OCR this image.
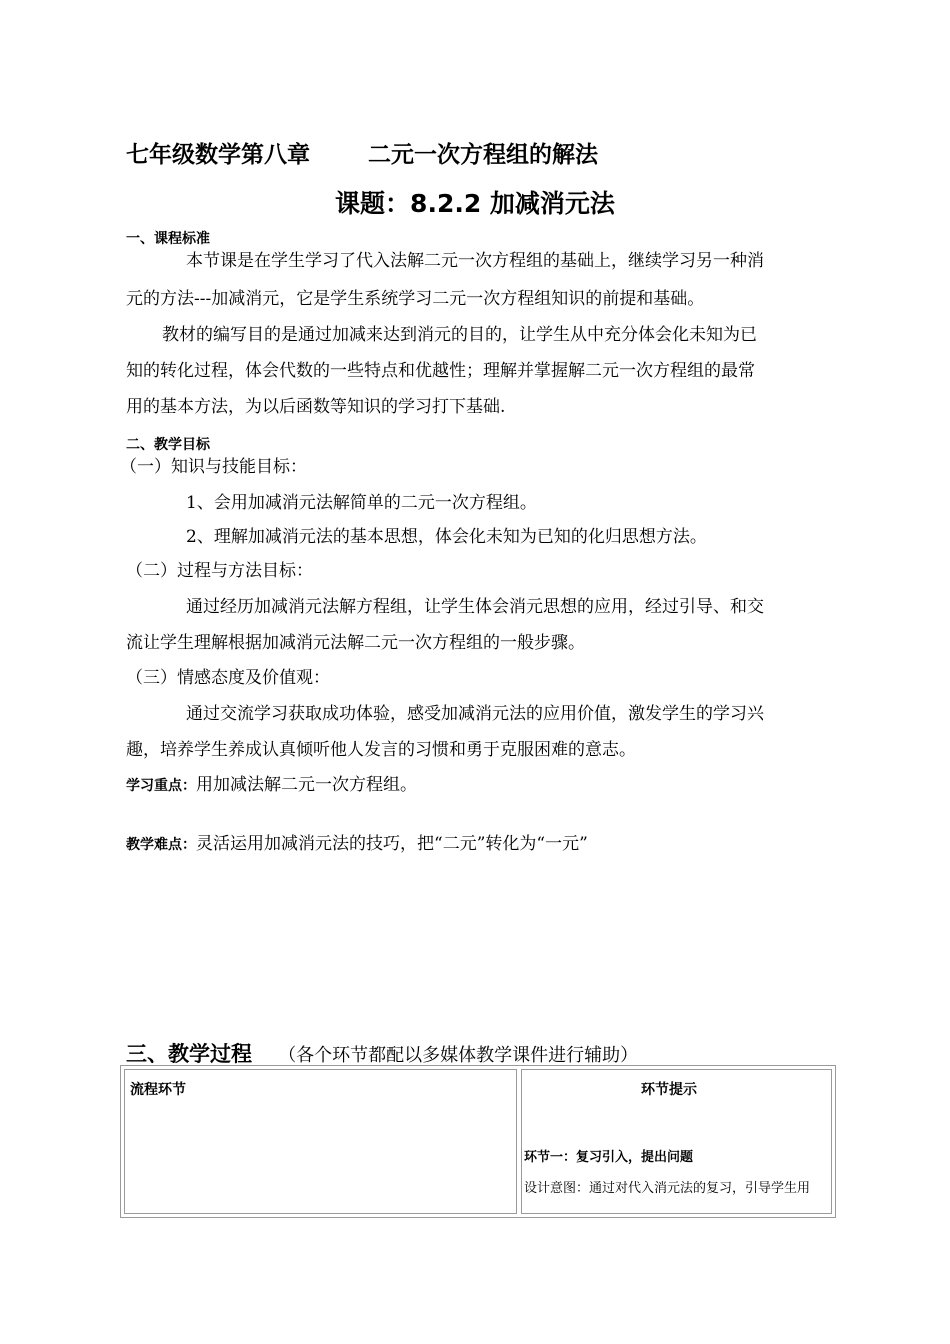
七年级数学第八章	二元一次方程组的解法
课题：8.2.2 加减消元法
一、课程标准
本节课是在学生学习了代入法解二元一次方程组的基础上，继续学习另一种消
元的方法---加减消元，它是学生系统学习二元一次方程组知识的前提和基础。
教材的编写目的是通过加减来达到消元的目的，让学生从中充分体会化未知为已
知的转化过程，体会代数的一些特点和优越性；理解并掌握解二元一次方程组的最常
用的基本方法，为以后函数等知识的学习打下基础.
二、教学目标
（一）知识与技能目标：
1、会用加减消元法解简单的二元一次方程组。
2、理解加减消元法的基本思想，体会化未知为已知的化归思想方法。
（二）过程与方法目标：
通过经历加减消元法解方程组，让学生体会消元思想的应用，经过引导、和交
流让学生理解根据加减消元法解二元一次方程组的一般步骤。
（三）情感态度及价值观：
通过交流学习获取成功体验，感受加减消元法的应用价值，激发学生的学习兴
趣，培养学生养成认真倾听他人发言的习惯和勇于克服困难的意志。
学习重点：用加减法解二元一次方程组。
教学难点：灵活运用加减消元法的技巧，把“二元”转化为“一元”
三、教学过程 （各个环节都配以多媒体教学课件进行辅助）
流程环节	环节提示
环节一：复习引入，提出问题
设计意图：通过对代入消元法的复习，引导学生用
